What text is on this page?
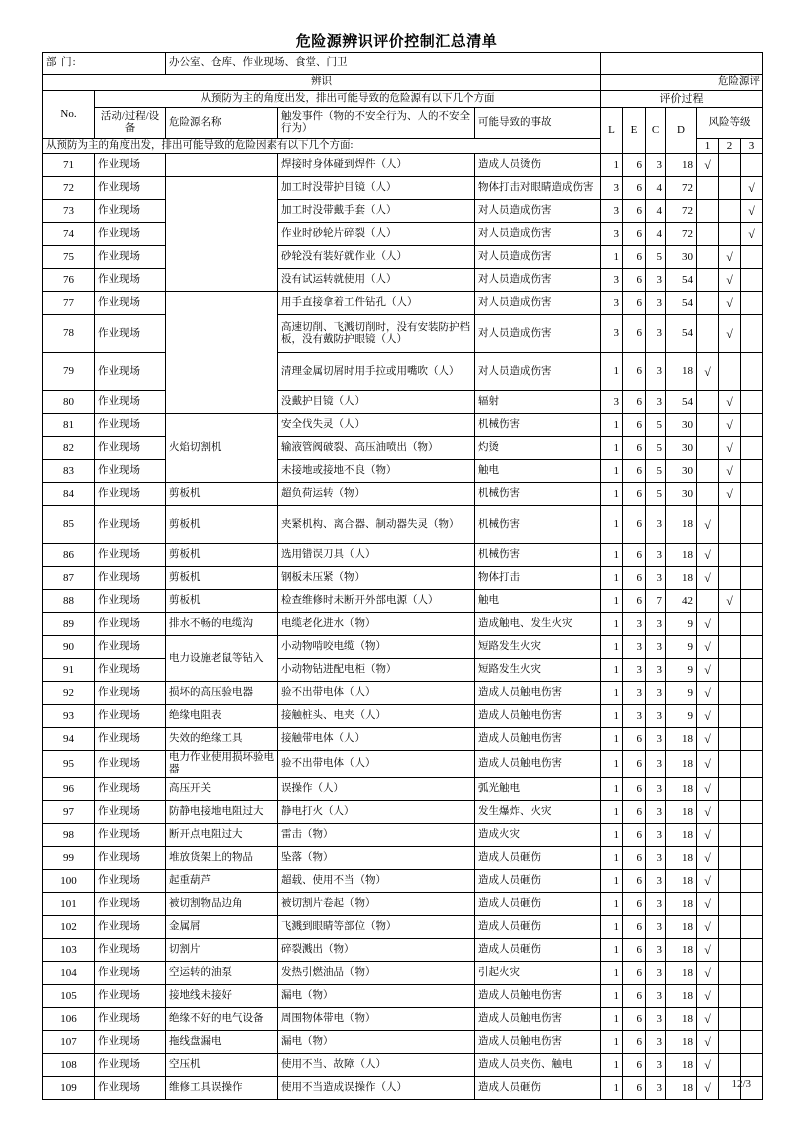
危险源辨识评价控制汇总清单
部 门:		办公室、仓库、作业现场、食堂、门卫									
辨识					危险源评						
No.	从预防为主的角度出发，排出可能导致的危险源有以下几个方面				评价过程						
	活动/过程/设备	危险源名称	触发事件（物的不安全行为、人的不安全行为）	可能导致的事故	L	E	C	D	风险等级		
从预防为主的角度出发，排出可能导致的危险因素有以下几个方面:									1	2	3
71	作业现场		焊接时身体碰到焊件（人）	造成人员烫伤	1	6	3	18	√		
72	作业现场		加工时没带护目镜（人）	物体打击对眼睛造成伤害	3	6	4	72			√
73	作业现场		加工时没带戴手套（人）	对人员造成伤害	3	6	4	72			√
74	作业现场		作业时砂轮片碎裂（人）	对人员造成伤害	3	6	4	72			√
75	作业现场		砂轮没有装好就作业（人）	对人员造成伤害	1	6	5	30		√	
76	作业现场		没有试运转就使用（人）	对人员造成伤害	3	6	3	54		√	
77	作业现场		用手直接拿着工件钻孔（人）	对人员造成伤害	3	6	3	54		√	
78	作业现场		高速切削、飞溅切削时，没有安装防护档板，没有戴防护眼镜（人）	对人员造成伤害	3	6	3	54		√	
79	作业现场		清理金属切屑时用手拉或用嘴吹（人）	对人员造成伤害	1	6	3	18	√		
80	作业现场		没戴护目镜（人）	辐射	3	6	3	54		√	
81	作业现场	火焰切割机	安全伐失灵（人）	机械伤害	1	6	5	30		√	
82	作业现场		输液管阀破裂、高压油喷出（物）	灼烫	1	6	5	30		√	
83	作业现场		未接地或接地不良（物）	触电	1	6	5	30		√	
84	作业现场	剪板机	超负荷运转（物）	机械伤害	1	6	5	30		√	
85	作业现场	剪板机	夹紧机构、离合器、制动器失灵（物）	机械伤害	1	6	3	18	√		
86	作业现场	剪板机	选用错误刀具（人）	机械伤害	1	6	3	18	√		
87	作业现场	剪板机	钢板未压紧（物）	物体打击	1	6	3	18	√		
88	作业现场	剪板机	检查维修时未断开外部电源（人）	触电	1	6	7	42		√	
89	作业现场	排水不畅的电缆沟	电缆老化进水（物）	造成触电、发生火灾	1	3	3	9	√		
90	作业现场	电力设施老鼠等钻入	小动物啃咬电缆（物）	短路发生火灾	1	3	3	9	√		
91	作业现场		小动物钻进配电柜（物）	短路发生火灾	1	3	3	9	√		
92	作业现场	损坏的高压验电器	验不出带电体（人）	造成人员触电伤害	1	3	3	9	√		
93	作业现场	绝缘电阻表	接触桩头、电夹（人）	造成人员触电伤害	1	3	3	9	√		
94	作业现场	失效的绝缘工具	接触带电体（人）	造成人员触电伤害	1	6	3	18	√		
95	作业现场	电力作业使用损坏验电器	验不出带电体（人）	造成人员触电伤害	1	6	3	18	√		
96	作业现场	高压开关	误操作（人）	弧光触电	1	6	3	18	√		
97	作业现场	防静电接地电阻过大	静电打火（人）	发生爆炸、火灾	1	6	3	18	√		
98	作业现场	断开点电阻过大	雷击（物）	造成火灾	1	6	3	18	√		
99	作业现场	堆放货架上的物品	坠落（物）	造成人员砸伤	1	6	3	18	√		
100	作业现场	起重葫芦	超载、使用不当（物）	造成人员砸伤	1	6	3	18	√		
101	作业现场	被切割物品边角	被切割片卷起（物）	造成人员砸伤	1	6	3	18	√		
102	作业现场	金属屑	飞溅到眼睛等部位（物）	造成人员砸伤	1	6	3	18	√		
103	作业现场	切割片	碎裂溅出（物）	造成人员砸伤	1	6	3	18	√		
104	作业现场	空运转的油泵	发热引燃油品（物）	引起火灾	1	6	3	18	√		
105	作业现场	接地线未接好	漏电（物）	造成人员触电伤害	1	6	3	18	√		
106	作业现场	绝缘不好的电气设备	周围物体带电（物）	造成人员触电伤害	1	6	3	18	√		
107	作业现场	拖线盘漏电	漏电（物）	造成人员触电伤害	1	6	3	18	√		
108	作业现场	空压机	使用不当、故障（人）	造成人员夹伤、触电	1	6	3	18	√		
109	作业现场	维修工具误操作	使用不当造成误操作（人）	造成人员砸伤	1	6	3	18	√		12/3
